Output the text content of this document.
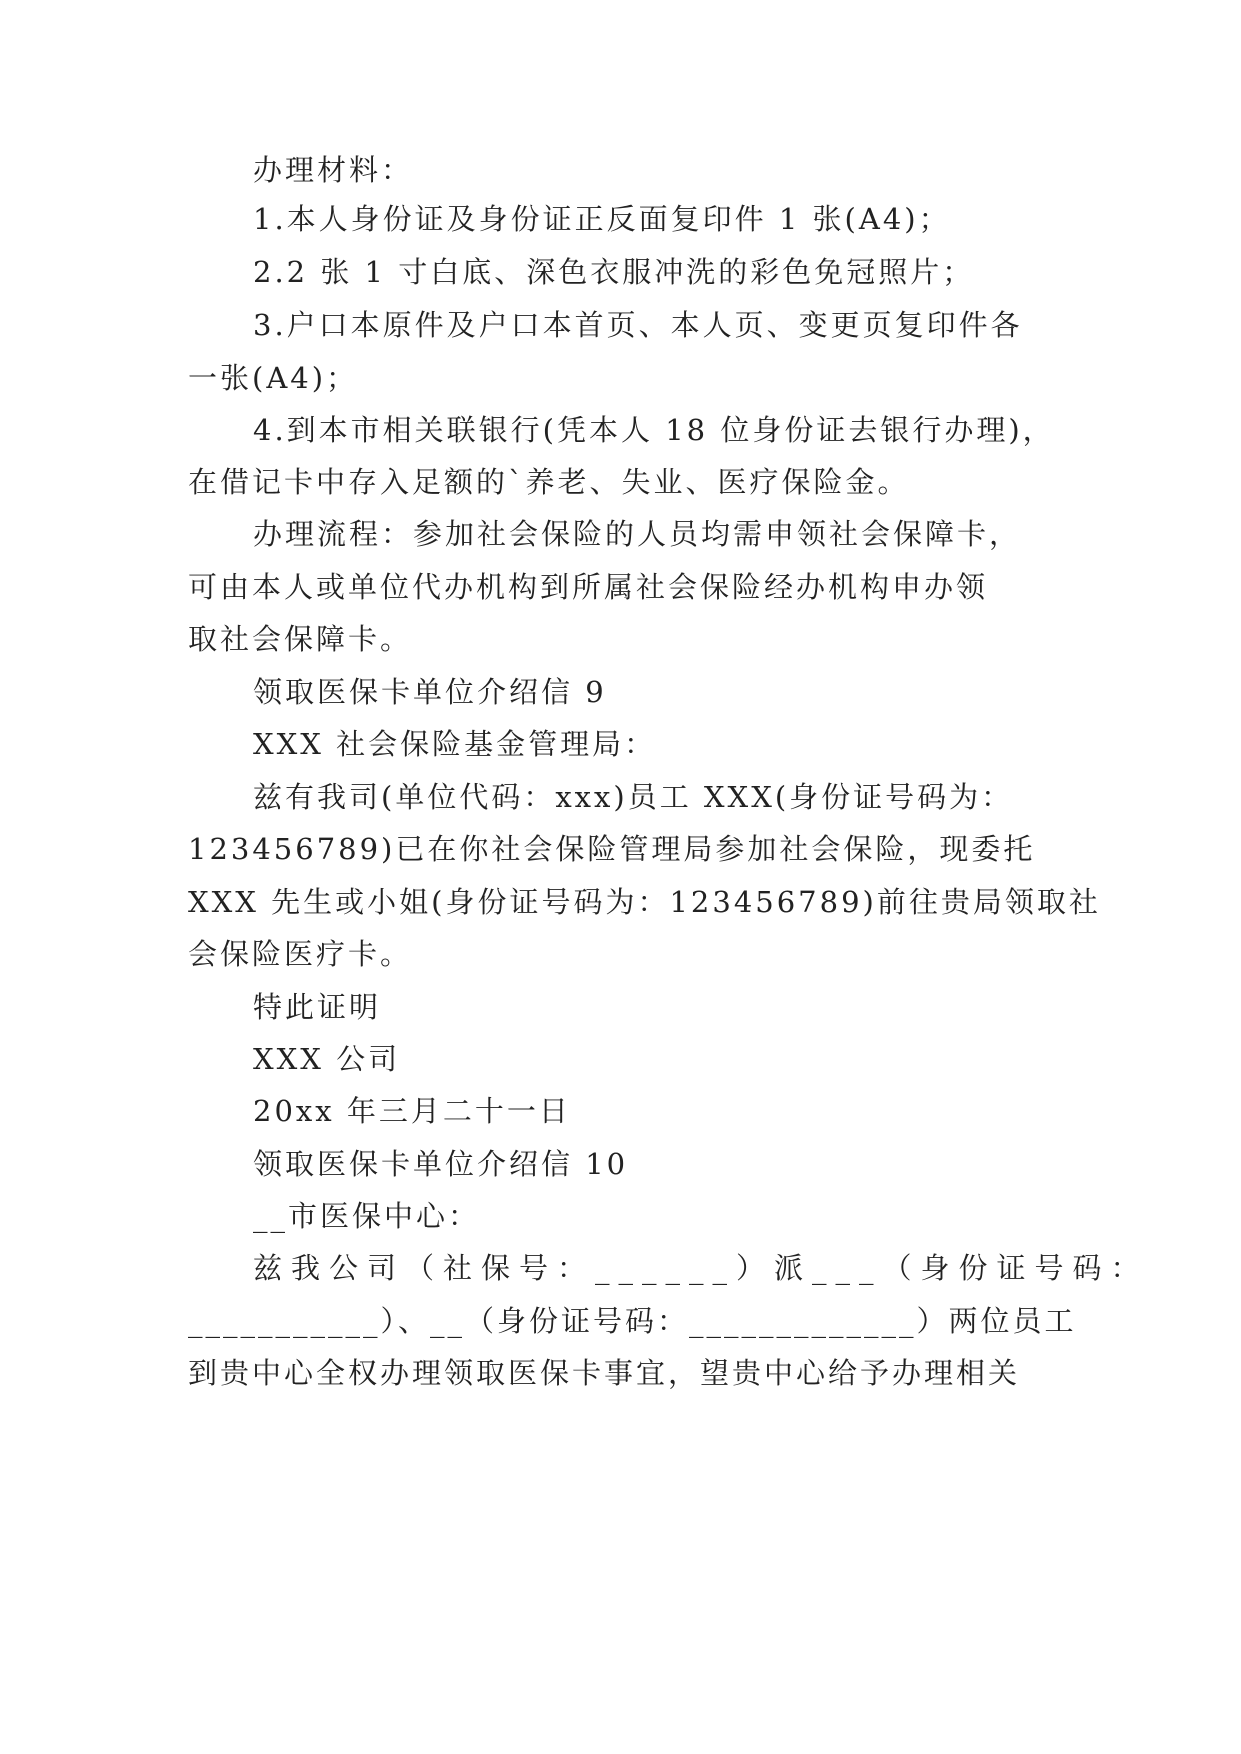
办理材料：
1.本人身份证及身份证正反面复印件 1 张(A4)；
2.2 张 1 寸白底、深色衣服冲洗的彩色免冠照片；
3.户口本原件及户口本首页、本人页、变更页复印件各
一张(A4)；
4.到本市相关联银行(凭本人 18 位身份证去银行办理)，
在借记卡中存入足额的`养老、失业、医疗保险金。
办理流程：参加社会保险的人员均需申领社会保障卡，
可由本人或单位代办机构到所属社会保险经办机构申办领
取社会保障卡。
领取医保卡单位介绍信 9
XXX 社会保险基金管理局：
兹有我司(单位代码：xxx)员工 XXX(身份证号码为：
123456789)已在你社会保险管理局参加社会保险，现委托
XXX 先生或小姐(身份证号码为：123456789)前往贵局领取社
会保险医疗卡。
特此证明
XXX 公司
20xx 年三月二十一日
领取医保卡单位介绍信 10
__市医保中心：
兹我公司（社保号：______）派___（身份证号码：
___________）、__（身份证号码：_____________）两位员工
到贵中心全权办理领取医保卡事宜，望贵中心给予办理相关
